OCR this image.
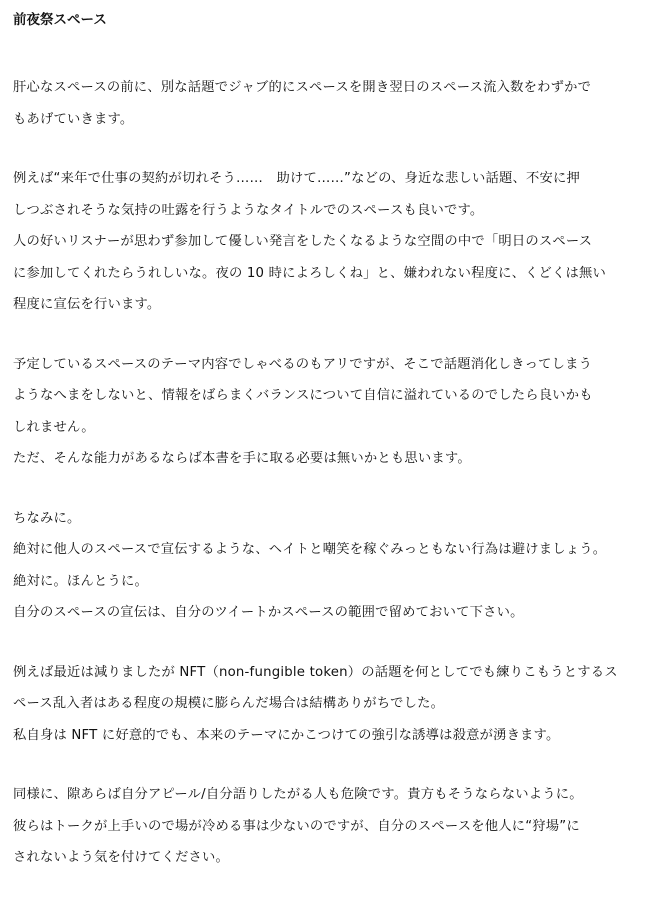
前夜祭スペース
肝心なスペースの前に、別な話題でジャブ的にスペースを開き翌日のスペース流入数をわずかで
もあげていきます。
例えば“来年で仕事の契約が切れそう……　助けて……”などの、身近な悲しい話題、不安に押
しつぶされそうな気持の吐露を行うようなタイトルでのスペースも良いです。
人の好いリスナーが思わず参加して優しい発言をしたくなるような空間の中で「明日のスペース
に参加してくれたらうれしいな。夜の 10 時によろしくね」と、嫌われない程度に、くどくは無い
程度に宣伝を行います。
予定しているスペースのテーマ内容でしゃべるのもアリですが、そこで話題消化しきってしまう
ようなへまをしないと、情報をばらまくバランスについて自信に溢れているのでしたら良いかも
しれません。
ただ、そんな能力があるならば本書を手に取る必要は無いかとも思います。
ちなみに。
絶対に他人のスペースで宣伝するような、ヘイトと嘲笑を稼ぐみっともない行為は避けましょう。
絶対に。ほんとうに。
自分のスペースの宣伝は、自分のツイートかスペースの範囲で留めておいて下さい。
例えば最近は減りましたが NFT（non-fungible token）の話題を何としてでも練りこもうとするス
ペース乱入者はある程度の規模に膨らんだ場合は結構ありがちでした。
私自身は NFT に好意的でも、本来のテーマにかこつけての強引な誘導は殺意が湧きます。
同様に、隙あらば自分アピール/自分語りしたがる人も危険です。貴方もそうならないように。
彼らはトークが上手いので場が冷める事は少ないのですが、自分のスペースを他人に“狩場”に
されないよう気を付けてください。
